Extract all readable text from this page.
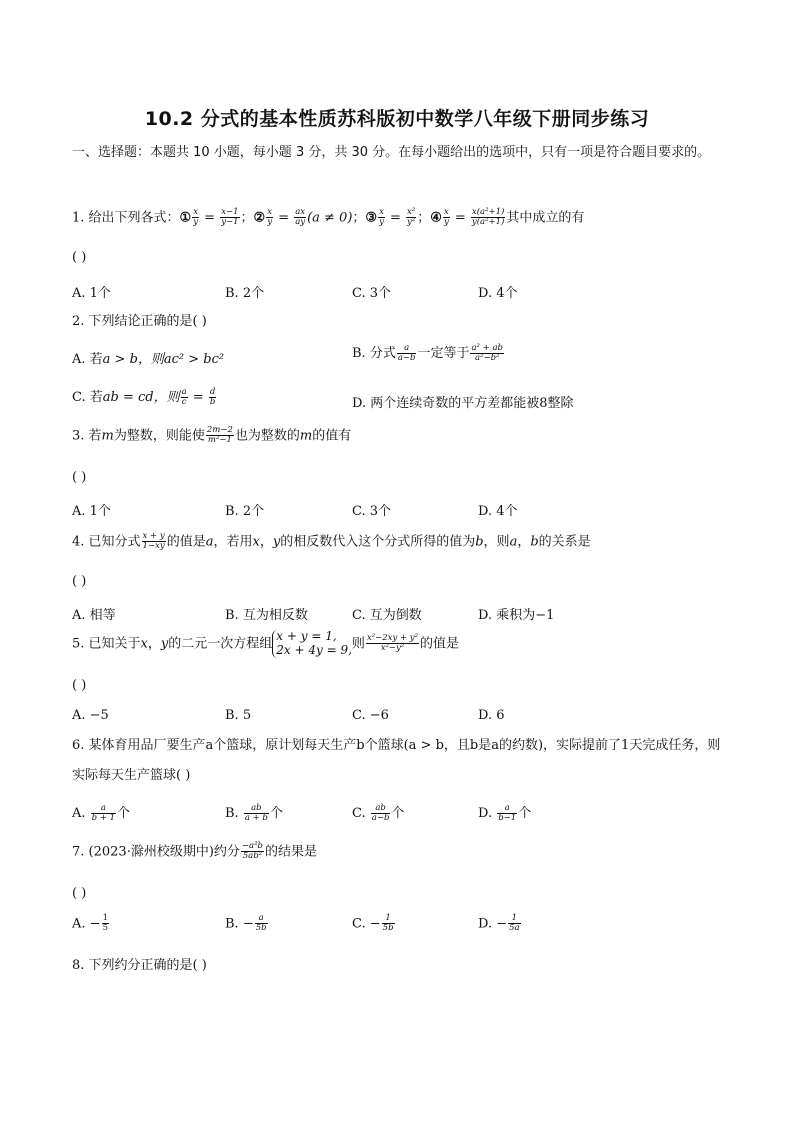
10.2 分式的基本性质苏科版初中数学八年级下册同步练习
一、选择题：本题共 10 小题，每小题 3 分，共 30 分。在每小题给出的选项中，只有一项是符合题目要求的。
1. 给出下列各式：① $\frac{x}{y} = \frac{x-1}{y-1}$ ；② $\frac{x}{y} = \frac{ax}{ay} (a \ne 0)$；③ $\frac{x}{y} = \frac{\text{x²}}{\text{y²}}$ ；④ $\frac{x}{y} = \frac{\text{x(a²+1)}}{\text{y(a²+1)}}$ 其中成立的有
( )
A. 1个	B. 2个	C. 3个	D. 4个
2. 下列结论正确的是( )
A. 若a > b，则ac² > bc²	B. 分式 $\frac{a}{a-b}$ 一定等于 $\frac{\text{a² + ab}}{\text{a²−b²}}$
C. 若ab = cd，则 $\frac{a}{c} = \frac{d}{b}$	D. 两个连续奇数的平方差都能被8整除
3. 若m为整数，则能使 $\frac{2m-2}{\text{m²−1}}$ 也为整数的m的值有
( )
A. 1个	B. 2个	C. 3个	D. 4个
4. 已知分式 $\frac{x + y}{1-xy}$ 的值是a，若用x，y的相反数代入这个分式所得的值为b，则a，b的关系是
( )
A. 相等	B. 互为相反数	C. 互为倒数	D. 乘积为−1
5. 已知关于x，y的二元一次方程组x + y = 1,
2x + 4y = 9,则 $\frac{\text{x²−2xy + y²}}{\text{x²−y²}}$ 的值是
( )
A. −5	B. 5	C. −6	D. 6
6. 某体育用品厂要生产a个篮球，原计划每天生产b个篮球(a > b，且b是a的约数)，实际提前了1天完成任务，则实际每天生产篮球( )
A. $\frac{a}{b + 1}$ 个	B. $\frac{ab}{a + b}$ 个	C. $\frac{ab}{a-b}$ 个	D. $\frac{a}{b-1}$ 个
7. (2023·滁州校级期中)约分 $\frac{\text{−a²b}}{\text{5ab²}}$ 的结果是
( )
A. − $\frac{1}{5}$	B. − $\frac{a}{5b}$	C. − $\frac{1}{5b}$	D. − $\frac{1}{5a}$
8. 下列约分正确的是( )
